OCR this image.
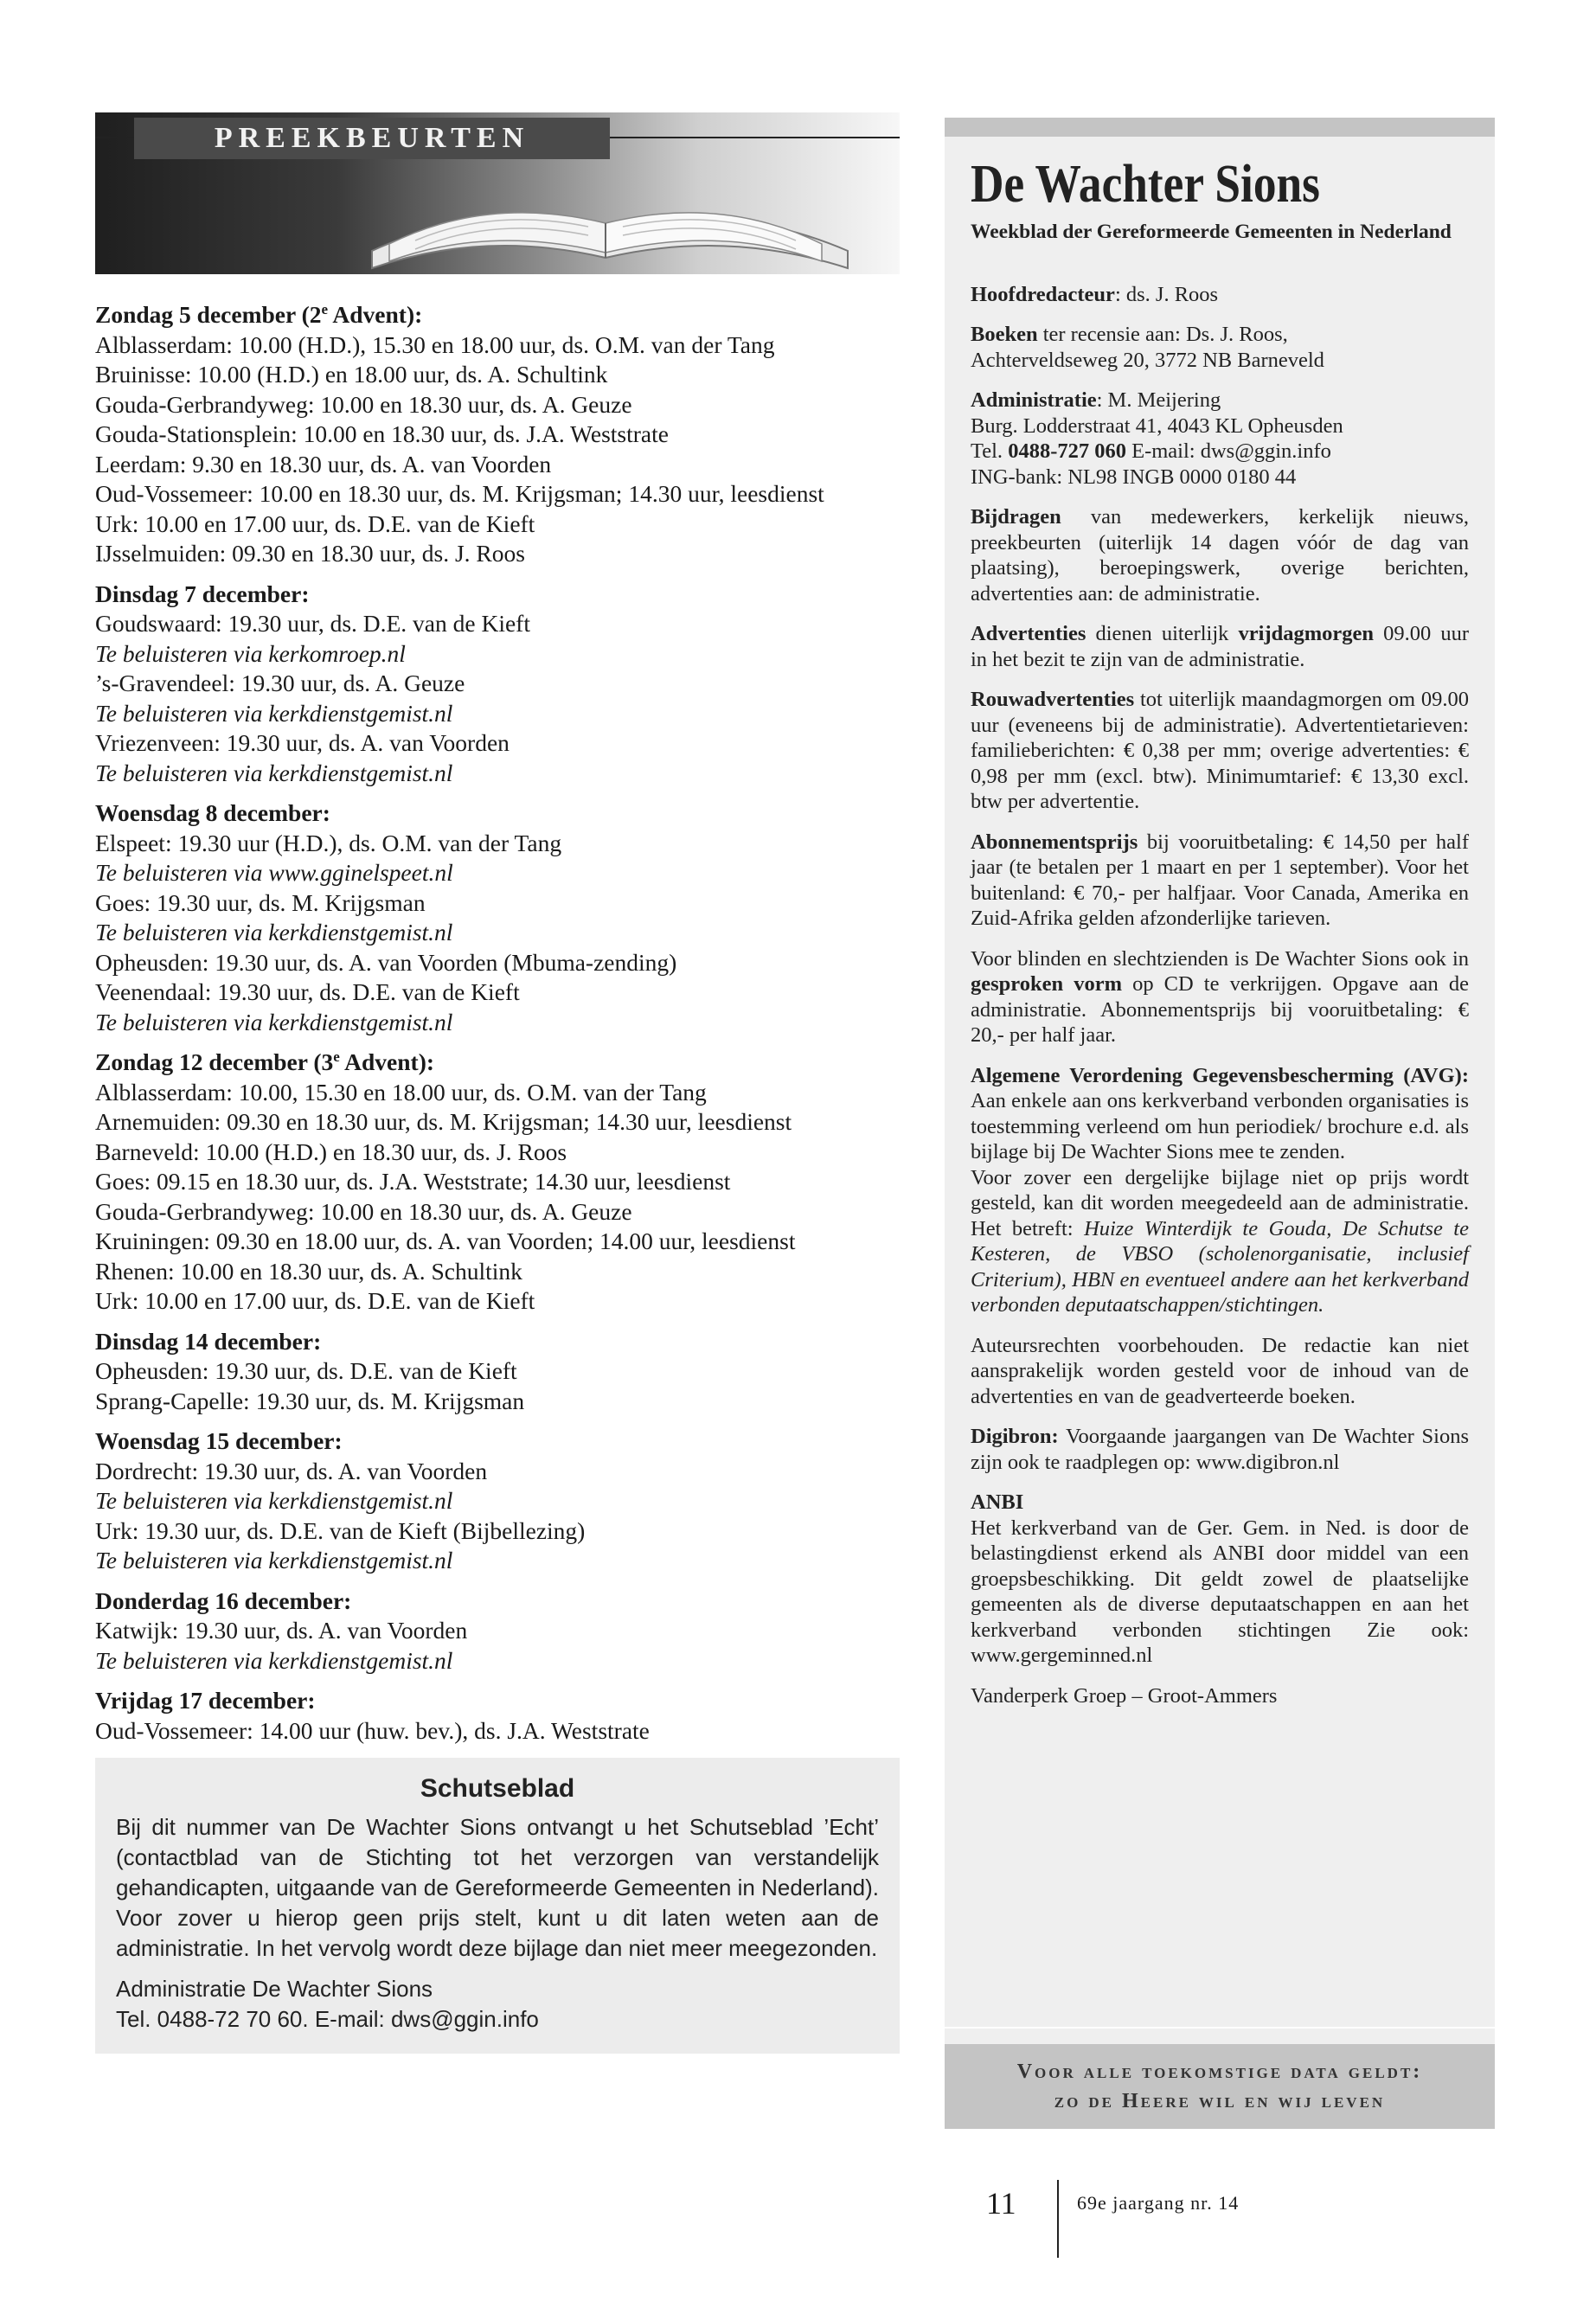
PREEKBEURTEN
Zondag 5 december (2e Advent):
Alblasserdam: 10.00 (H.D.), 15.30 en 18.00 uur, ds. O.M. van der Tang
Bruinisse: 10.00 (H.D.) en 18.00 uur, ds. A. Schultink
Gouda-Gerbrandyweg: 10.00 en 18.30 uur, ds. A. Geuze
Gouda-Stationsplein: 10.00 en 18.30 uur, ds. J.A. Weststrate
Leerdam: 9.30 en 18.30 uur, ds. A. van Voorden
Oud-Vossemeer: 10.00 en 18.30 uur, ds. M. Krijgsman; 14.30 uur, leesdienst
Urk: 10.00 en 17.00 uur, ds. D.E. van de Kieft
IJsselmuiden: 09.30 en 18.30 uur, ds. J. Roos
Dinsdag 7 december:
Goudswaard: 19.30 uur, ds. D.E. van de Kieft
Te beluisteren via kerkomroep.nl
’s-Gravendeel: 19.30 uur, ds. A. Geuze
Te beluisteren via kerkdienstgemist.nl
Vriezenveen: 19.30 uur, ds. A. van Voorden
Te beluisteren via kerkdienstgemist.nl
Woensdag 8 december:
Elspeet: 19.30 uur (H.D.), ds. O.M. van der Tang
Te beluisteren via www.gginelspeet.nl
Goes: 19.30 uur, ds. M. Krijgsman
Te beluisteren via kerkdienstgemist.nl
Opheusden: 19.30 uur, ds. A. van Voorden (Mbuma-zending)
Veenendaal: 19.30 uur, ds. D.E. van de Kieft
Te beluisteren via kerkdienstgemist.nl
Zondag 12 december (3e Advent):
Alblasserdam: 10.00, 15.30 en 18.00 uur, ds. O.M. van der Tang
Arnemuiden: 09.30 en 18.30 uur, ds. M. Krijgsman; 14.30 uur, leesdienst
Barneveld: 10.00 (H.D.) en 18.30 uur, ds. J. Roos
Goes: 09.15 en 18.30 uur, ds. J.A. Weststrate; 14.30 uur, leesdienst
Gouda-Gerbrandyweg: 10.00 en 18.30 uur, ds. A. Geuze
Kruiningen: 09.30 en 18.00 uur, ds. A. van Voorden; 14.00 uur, leesdienst
Rhenen: 10.00 en 18.30 uur, ds. A. Schultink
Urk: 10.00 en 17.00 uur, ds. D.E. van de Kieft
Dinsdag 14 december:
Opheusden: 19.30 uur, ds. D.E. van de Kieft
Sprang-Capelle: 19.30 uur, ds. M. Krijgsman
Woensdag 15 december:
Dordrecht: 19.30 uur, ds. A. van Voorden
Te beluisteren via kerkdienstgemist.nl
Urk: 19.30 uur, ds. D.E. van de Kieft (Bijbellezing)
Te beluisteren via kerkdienstgemist.nl
Donderdag 16 december:
Katwijk: 19.30 uur, ds. A. van Voorden
Te beluisteren via kerkdienstgemist.nl
Vrijdag 17 december:
Oud-Vossemeer: 14.00 uur (huw. bev.), ds. J.A. Weststrate
Schutseblad

Bij dit nummer van De Wachter Sions ontvangt u het Schutseblad ’Echt’ (contactblad van de Stichting tot het verzorgen van verstandelijk gehandicapten, uitgaande van de Gereformeerde Gemeenten in Nederland). Voor zover u hierop geen prijs stelt, kunt u dit laten weten aan de administratie. In het vervolg wordt deze bijlage dan niet meer meegezonden.

Administratie De Wachter Sions
Tel. 0488-72 70 60. E-mail: dws@ggin.info
De Wachter Sions
Weekblad der Gereformeerde Gemeenten in Nederland
Hoofdredacteur: ds. J. Roos
Boeken ter recensie aan: Ds. J. Roos,
Achterveldseweg 20, 3772 NB Barneveld
Administratie: M. Meijering
Burg. Lodderstraat 41, 4043 KL Opheusden
Tel. 0488-727 060 E-mail: dws@ggin.info
ING-bank: NL98 INGB 0000 0180 44
Bijdragen van medewerkers, kerkelijk nieuws, preekbeurten (uiterlijk 14 dagen vóór de dag van plaatsing), beroepingswerk, overige berichten, advertenties aan: de administratie.
Advertenties dienen uiterlijk vrijdagmorgen 09.00 uur in het bezit te zijn van de administratie.
Rouwadvertenties tot uiterlijk maandagmorgen om 09.00 uur (eveneens bij de administratie). Advertentietarieven: familieberichten: € 0,38 per mm; overige advertenties: € 0,98 per mm (excl. btw). Minimumtarief: € 13,30 excl. btw per advertentie.
Abonnementsprijs bij vooruitbetaling: € 14,50 per half jaar (te betalen per 1 maart en per 1 september). Voor het buitenland: € 70,- per halfjaar. Voor Canada, Amerika en Zuid-Afrika gelden afzonderlijke tarieven.
Voor blinden en slechtzienden is De Wachter Sions ook in gesproken vorm op CD te verkrijgen. Opgave aan de administratie. Abonnementsprijs bij vooruitbetaling: € 20,- per half jaar.
Algemene Verordening Gegevensbescherming (AVG): Aan enkele aan ons kerkverband verbonden organisaties is toestemming verleend om hun periodiek/ brochure e.d. als bijlage bij De Wachter Sions mee te zenden.
Voor zover een dergelijke bijlage niet op prijs wordt gesteld, kan dit worden meegedeeld aan de administratie. Het betreft: Huize Winterdijk te Gouda, De Schutse te Kesteren, de VBSO (scholenorganisatie, inclusief Criterium), HBN en eventueel andere aan het kerkverband verbonden deputaatschappen/stichtingen.
Auteursrechten voorbehouden. De redactie kan niet aansprakelijk worden gesteld voor de inhoud van de advertenties en van de geadverteerde boeken.
Digibron: Voorgaande jaargangen van De Wachter Sions zijn ook te raadplegen op: www.digibron.nl
ANBI
Het kerkverband van de Ger. Gem. in Ned. is door de belastingdienst erkend als ANBI door middel van een groepsbeschikking. Dit geldt zowel de plaatselijke gemeenten als de diverse deputaatschappen en aan het kerkverband verbonden stichtingen Zie ook: www.gergeminned.nl
Vanderperk Groep – Groot-Ammers
Voor alle toekomstige data geldt:
zo de Heere wil en wij leven
11	69e jaargang nr. 14
